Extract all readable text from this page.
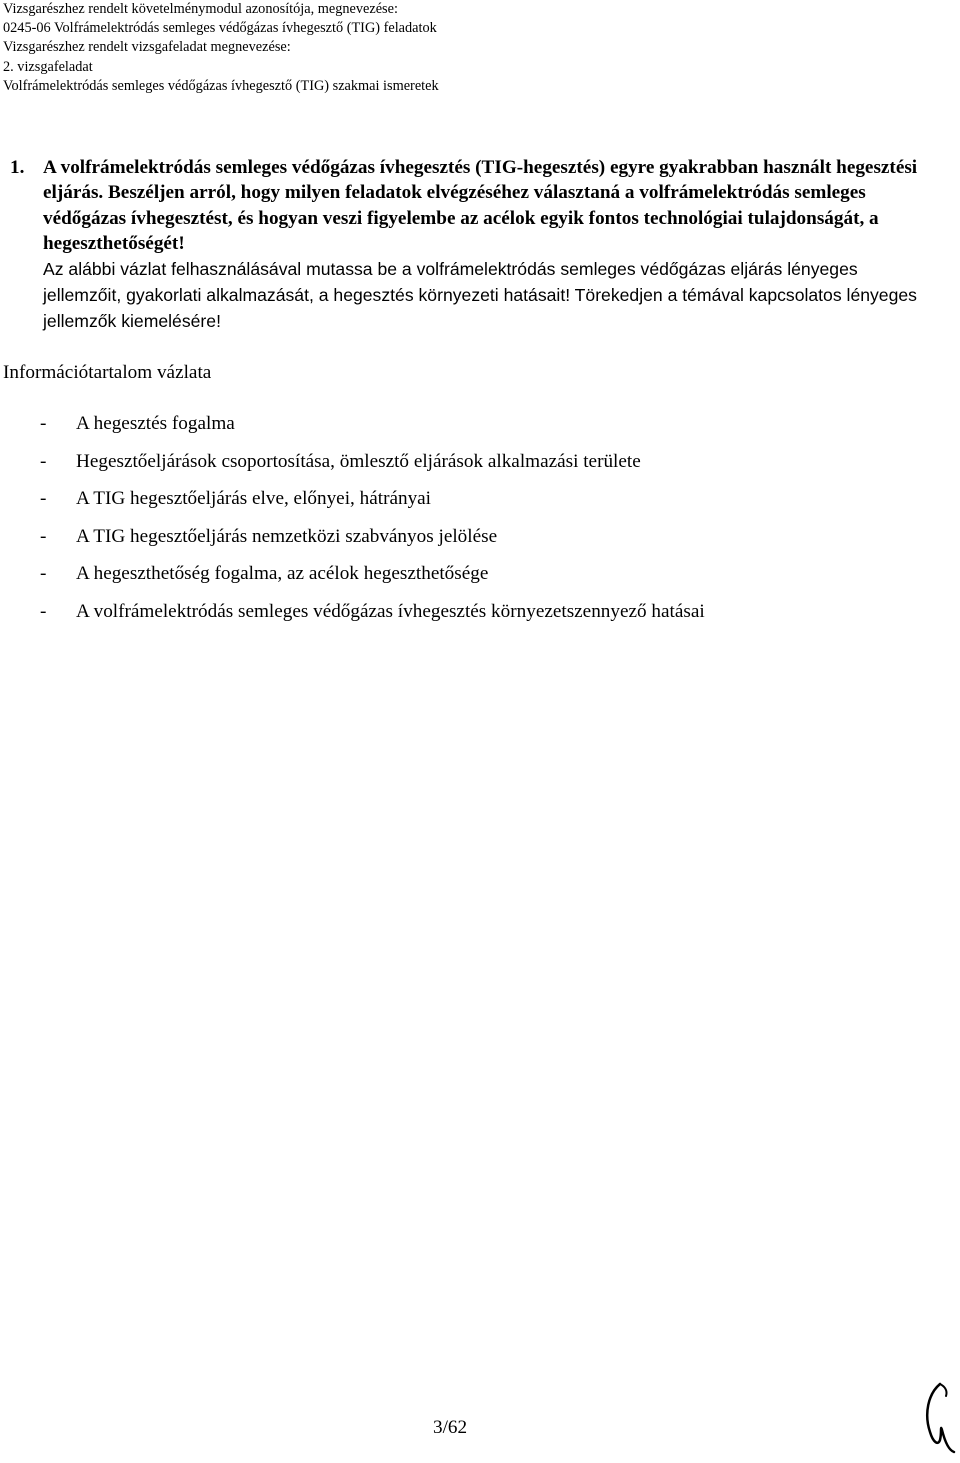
Vizsgarészhez rendelt követelménymodul azonosítója, megnevezése:
0245-06 Volfrámelektródás semleges védőgázas ívhegesztő (TIG) feladatok
Vizsgarészhez rendelt vizsgafeladat megnevezése:
2. vizsgafeladat
Volfrámelektródás semleges védőgázas ívhegesztő (TIG) szakmai ismeretek
1. A volfrámelektródás semleges védőgázas ívhegesztés (TIG-hegesztés) egyre gyakrabban használt hegesztési eljárás. Beszéljen arról, hogy milyen feladatok elvégzéséhez választaná a volfrámelektródás semleges védőgázas ívhegesztést, és hogyan veszi figyelembe az acélok egyik fontos technológiai tulajdonságát, a hegeszthetőségét!
Az alábbi vázlat felhasználásával mutassa be a volfrámelektródás semleges védőgázas eljárás lényeges jellemzőit, gyakorlati alkalmazását, a hegesztés környezeti hatásait! Törekedjen a témával kapcsolatos lényeges jellemzők kiemelésére!
Információtartalom vázlata
- A hegesztés fogalma
- Hegesztőeljárások csoportosítása, ömlesztő eljárások alkalmazási területe
- A TIG hegesztőeljárás elve, előnyei, hátrányai
- A TIG hegesztőeljárás nemzetközi szabványos jelölése
- A hegeszthetőség fogalma, az acélok hegeszthetősége
- A volfrámelektródás semleges védőgázas ívhegesztés környezetszennyező hatásai
3/62
